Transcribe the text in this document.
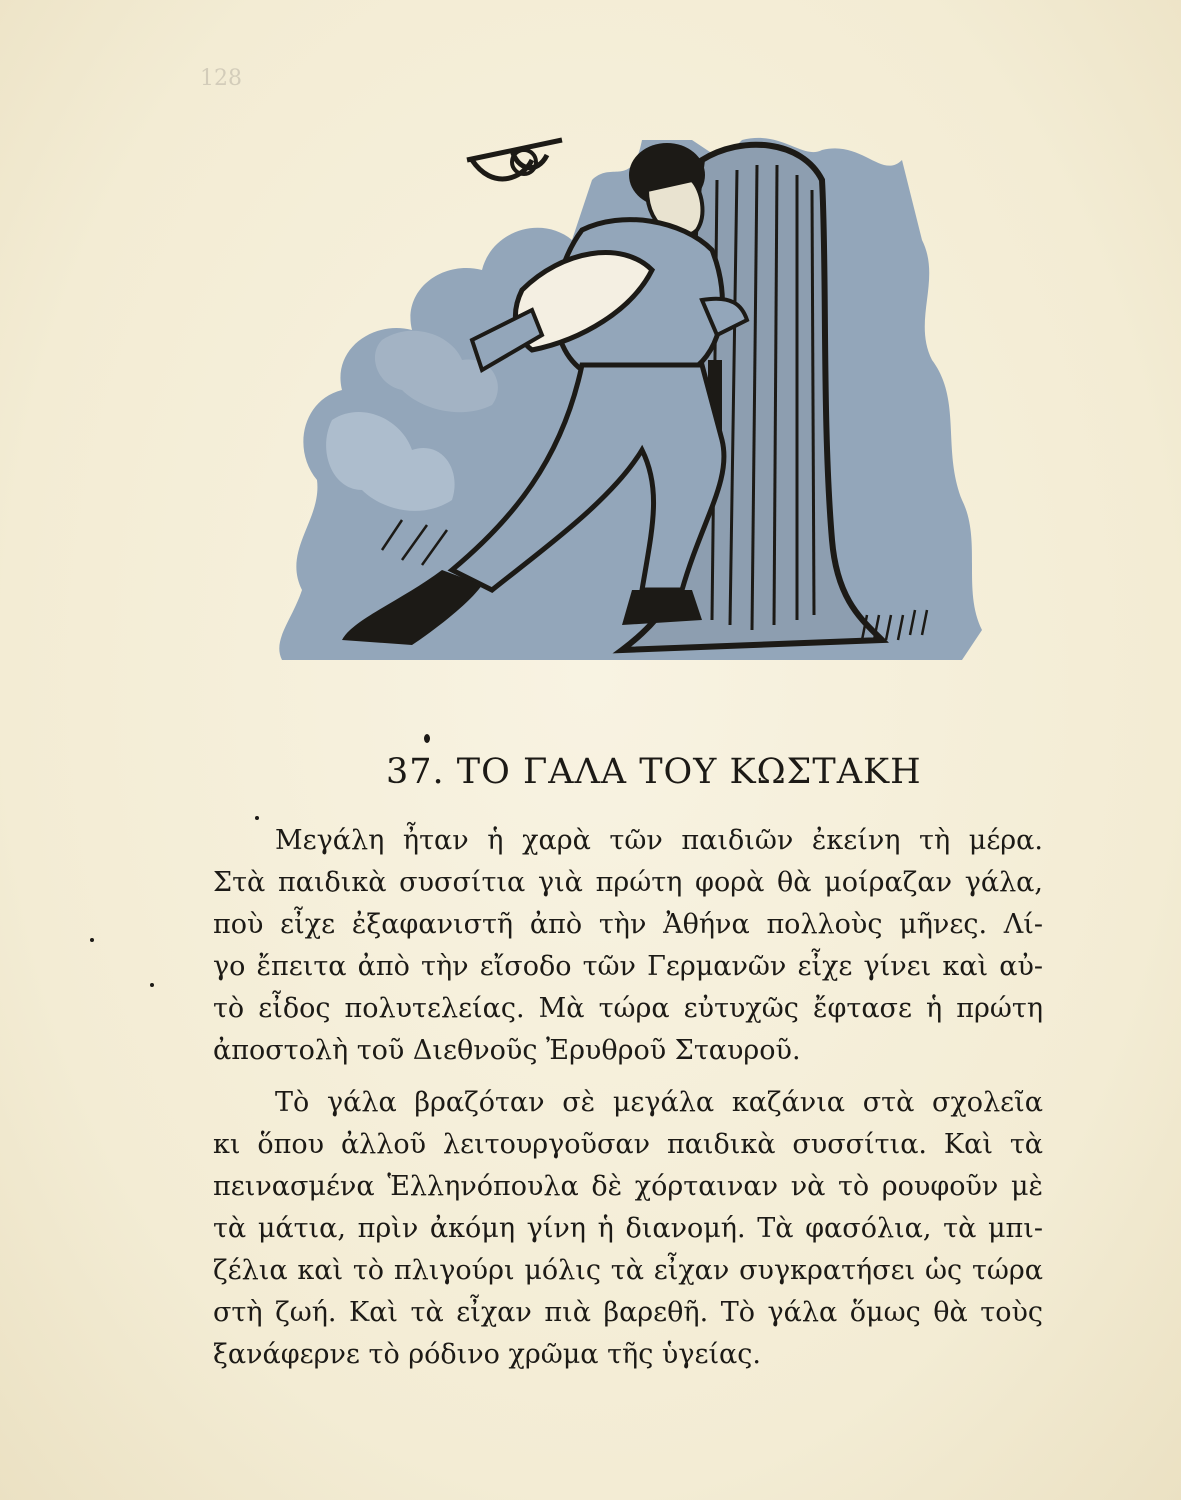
128
37. ΤΟ ΓΑΛΑ ΤΟΥ ΚΩΣΤΑΚΗ
Μεγάλη ἦταν ἡ χαρὰ τῶν παιδιῶν ἐκείνη τὴ μέρα.
Στὰ παιδικὰ συσσίτια γιὰ πρώτη φορὰ θὰ μοίραζαν γάλα,
ποὺ εἶχε ἐξαφανιστῆ ἀπὸ τὴν Ἀθήνα πολλοὺς μῆνες. Λί-
γο ἔπειτα ἀπὸ τὴν εἴσοδο τῶν Γερμανῶν εἶχε γίνει καὶ αὐ-
τὸ εἶδος πολυτελείας. Μὰ τώρα εὐτυχῶς ἔφτασε ἡ πρώτη
ἀποστολὴ τοῦ Διεθνοῦς Ἐρυθροῦ Σταυροῦ.
Τὸ γάλα βραζόταν σὲ μεγάλα καζάνια στὰ σχολεῖα
κι ὅπου ἀλλοῦ λειτουργοῦσαν παιδικὰ συσσίτια. Καὶ τὰ
πεινασμένα Ἑλληνόπουλα δὲ χόρταιναν νὰ τὸ ρουφοῦν μὲ
τὰ μάτια, πρὶν ἀκόμη γίνη ἡ διανομή. Τὰ φασόλια, τὰ μπι-
ζέλια καὶ τὸ πλιγούρι μόλις τὰ εἶχαν συγκρατήσει ὡς τώρα
στὴ ζωή. Καὶ τὰ εἶχαν πιὰ βαρεθῆ. Τὸ γάλα ὅμως θὰ τοὺς
ξανάφερνε τὸ ρόδινο χρῶμα τῆς ὑγείας.
